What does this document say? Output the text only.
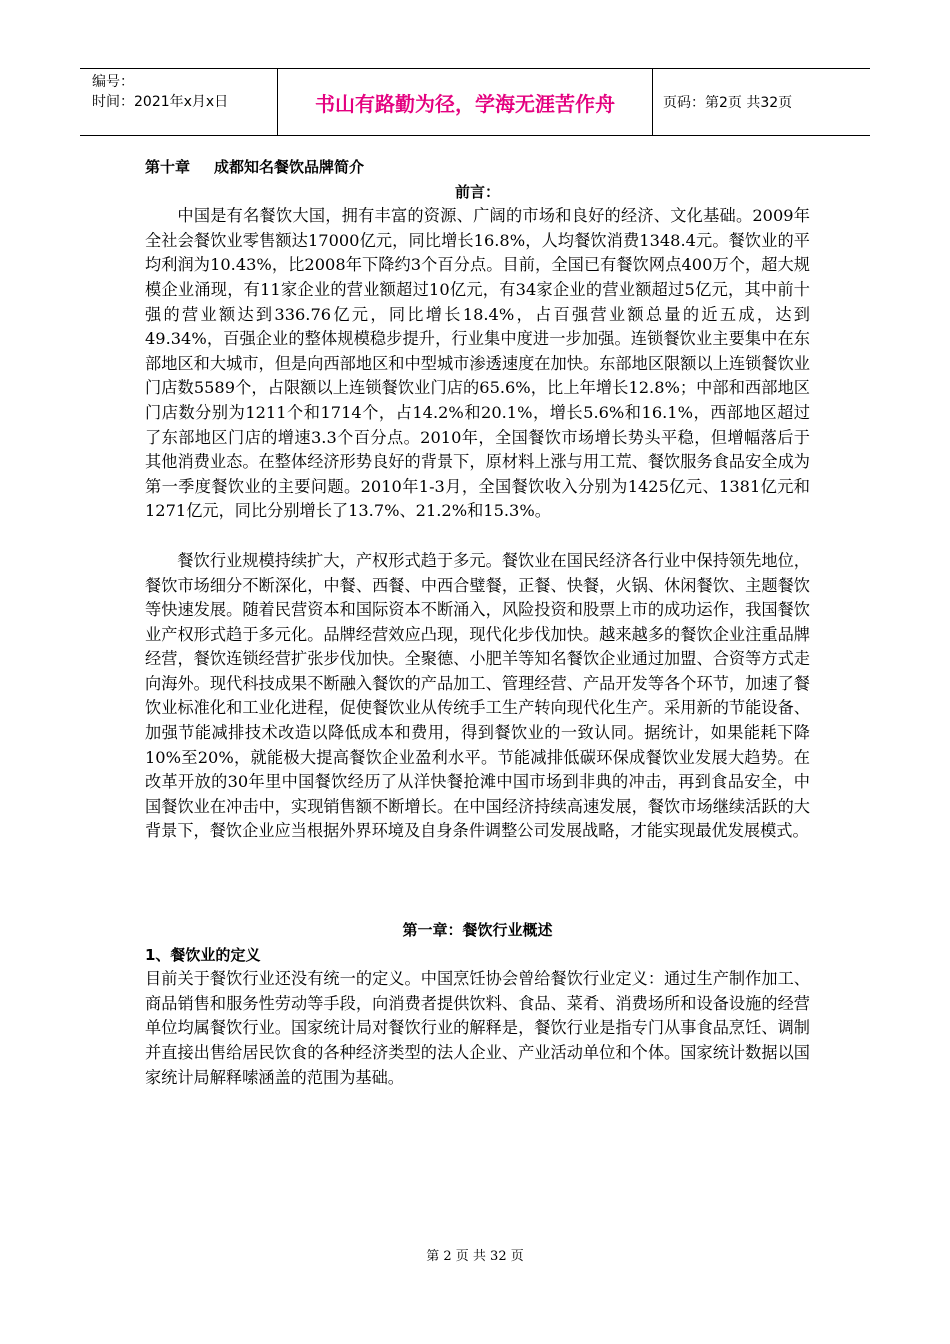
编号：
时间：2021年x月x日	书山有路勤为径，学海无涯苦作舟	页码：第2页 共32页
第十章 成都知名餐饮品牌简介
前言：

中国是有名餐饮大国，拥有丰富的资源、广阔的市场和良好的经济、文化基础。2009年全社会餐饮业零售额达17000亿元，同比增长16.8%，人均餐饮消费1348.4元。餐饮业的平均利润为10.43%，比2008年下降约3个百分点。目前，全国已有餐饮网点400万个，超大规模企业涌现，有11家企业的营业额超过10亿元，有34家企业的营业额超过5亿元，其中前十强的营业额达到336.76亿元，同比增长18.4%，占百强营业额总量的近五成，达到49.34%，百强企业的整体规模稳步提升，行业集中度进一步加强。连锁餐饮业主要集中在东部地区和大城市，但是向西部地区和中型城市渗透速度在加快。东部地区限额以上连锁餐饮业门店数5589个，占限额以上连锁餐饮业门店的65.6%，比上年增长12.8%；中部和西部地区门店数分别为1211个和1714个，占14.2%和20.1%，增长5.6%和16.1%，西部地区超过了东部地区门店的增速3.3个百分点。2010年，全国餐饮市场增长势头平稳，但增幅落后于其他消费业态。在整体经济形势良好的背景下，原材料上涨与用工荒、餐饮服务食品安全成为第一季度餐饮业的主要问题。2010年1-3月，全国餐饮收入分别为1425亿元、1381亿元和1271亿元，同比分别增长了13.7%、21.2%和15.3%。

餐饮行业规模持续扩大，产权形式趋于多元。餐饮业在国民经济各行业中保持领先地位，餐饮市场细分不断深化，中餐、西餐、中西合璧餐，正餐、快餐，火锅、休闲餐饮、主题餐饮等快速发展。随着民营资本和国际资本不断涌入，风险投资和股票上市的成功运作，我国餐饮业产权形式趋于多元化。品牌经营效应凸现，现代化步伐加快。越来越多的餐饮企业注重品牌经营，餐饮连锁经营扩张步伐加快。全聚德、小肥羊等知名餐饮企业通过加盟、合资等方式走向海外。现代科技成果不断融入餐饮的产品加工、管理经营、产品开发等各个环节，加速了餐饮业标准化和工业化进程，促使餐饮业从传统手工生产转向现代化生产。采用新的节能设备、加强节能减排技术改造以降低成本和费用，得到餐饮业的一致认同。据统计，如果能耗下降10%至20%，就能极大提高餐饮企业盈利水平。节能减排低碳环保成餐饮业发展大趋势。在改革开放的30年里中国餐饮经历了从洋快餐抢滩中国市场到非典的冲击，再到食品安全，中国餐饮业在冲击中，实现销售额不断增长。在中国经济持续高速发展，餐饮市场继续活跃的大背景下，餐饮企业应当根据外界环境及自身条件调整公司发展战略，才能实现最优发展模式。

第一章：餐饮行业概述
1、餐饮业的定义

目前关于餐饮行业还没有统一的定义。中国烹饪协会曾给餐饮行业定义：通过生产制作加工、商品销售和服务性劳动等手段，向消费者提供饮料、食品、菜肴、消费场所和设备设施的经营单位均属餐饮行业。国家统计局对餐饮行业的解释是，餐饮行业是指专门从事食品烹饪、调制并直接出售给居民饮食的各种经济类型的法人企业、产业活动单位和个体。国家统计数据以国家统计局解释嗦涵盖的范围为基础。

第 2 页 共 32 页
